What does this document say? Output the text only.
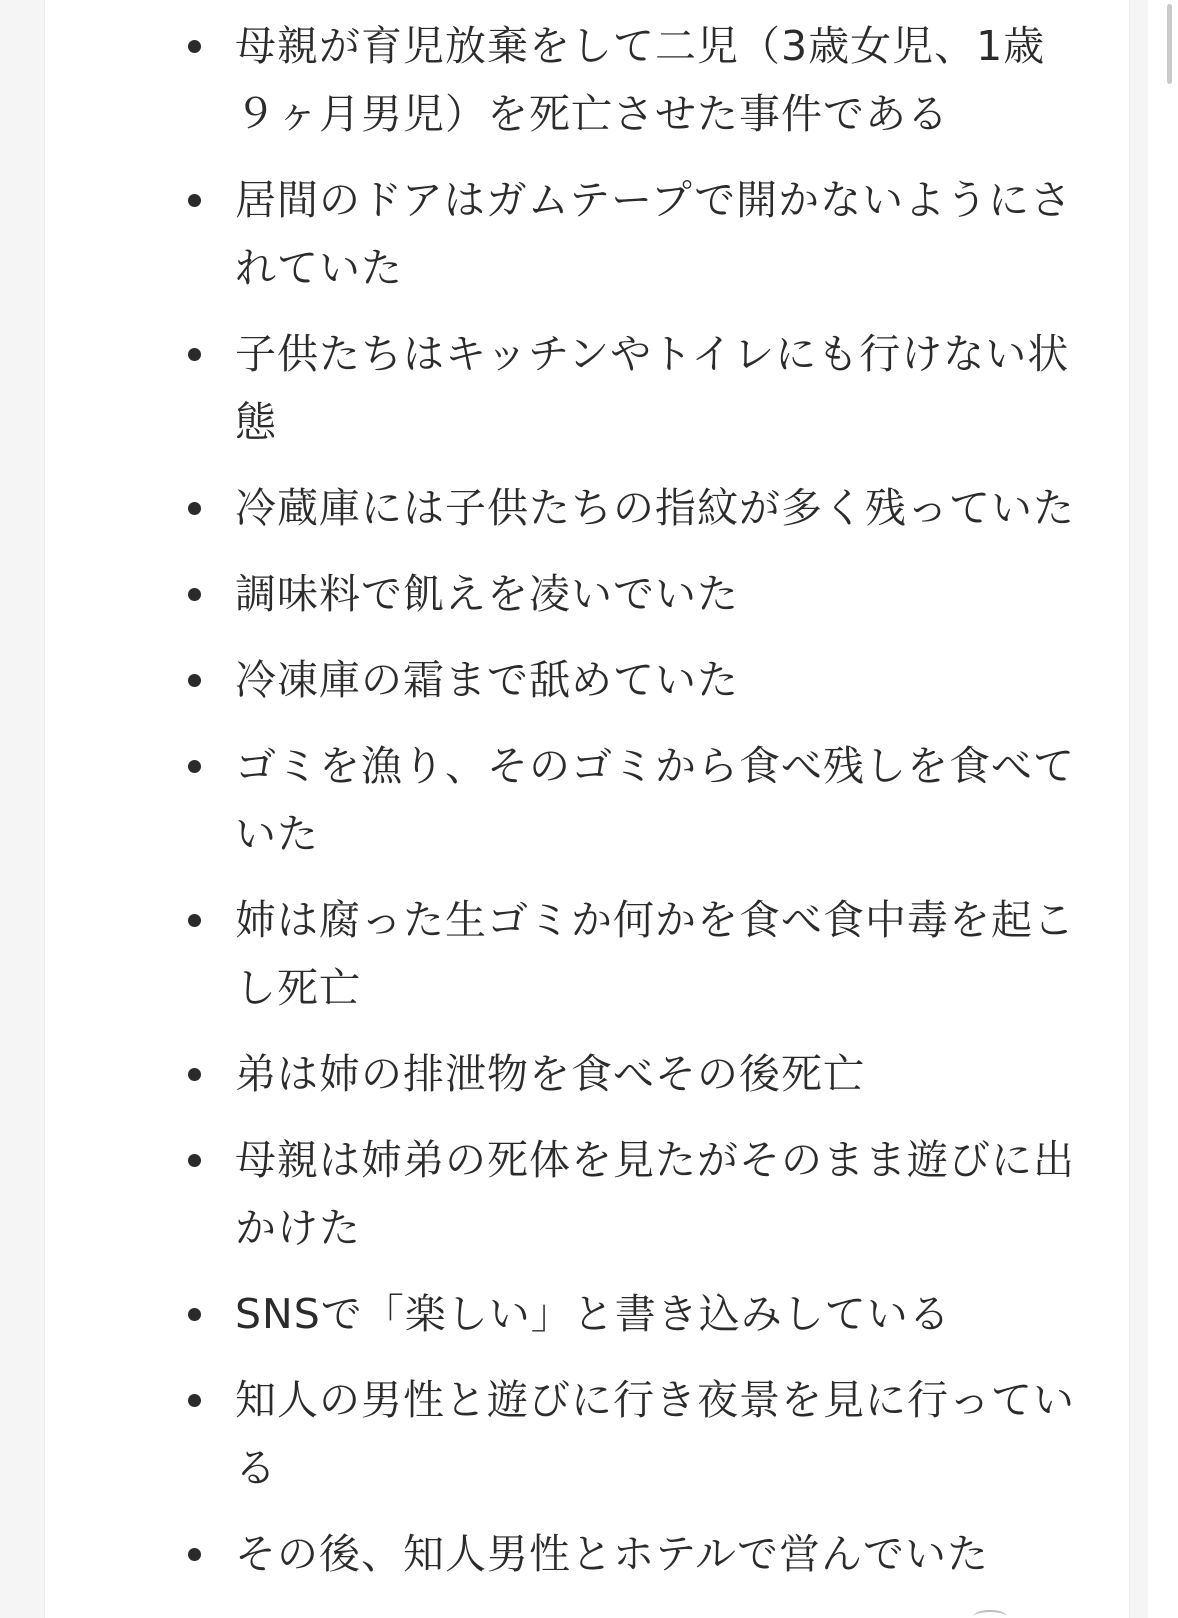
母親が育児放棄をして二児（3歳女児、1歳９ヶ月男児）を死亡させた事件である
居間のドアはガムテープで開かないようにされていた
子供たちはキッチンやトイレにも行けない状態
冷蔵庫には子供たちの指紋が多く残っていた
調味料で飢えを凌いでいた
冷凍庫の霜まで舐めていた
ゴミを漁り、そのゴミから食べ残しを食べていた
姉は腐った生ゴミか何かを食べ食中毒を起こし死亡
弟は姉の排泄物を食べその後死亡
母親は姉弟の死体を見たがそのまま遊びに出かけた
SNSで「楽しい」と書き込みしている
知人の男性と遊びに行き夜景を見に行っている
その後、知人男性とホテルで営んでいた
